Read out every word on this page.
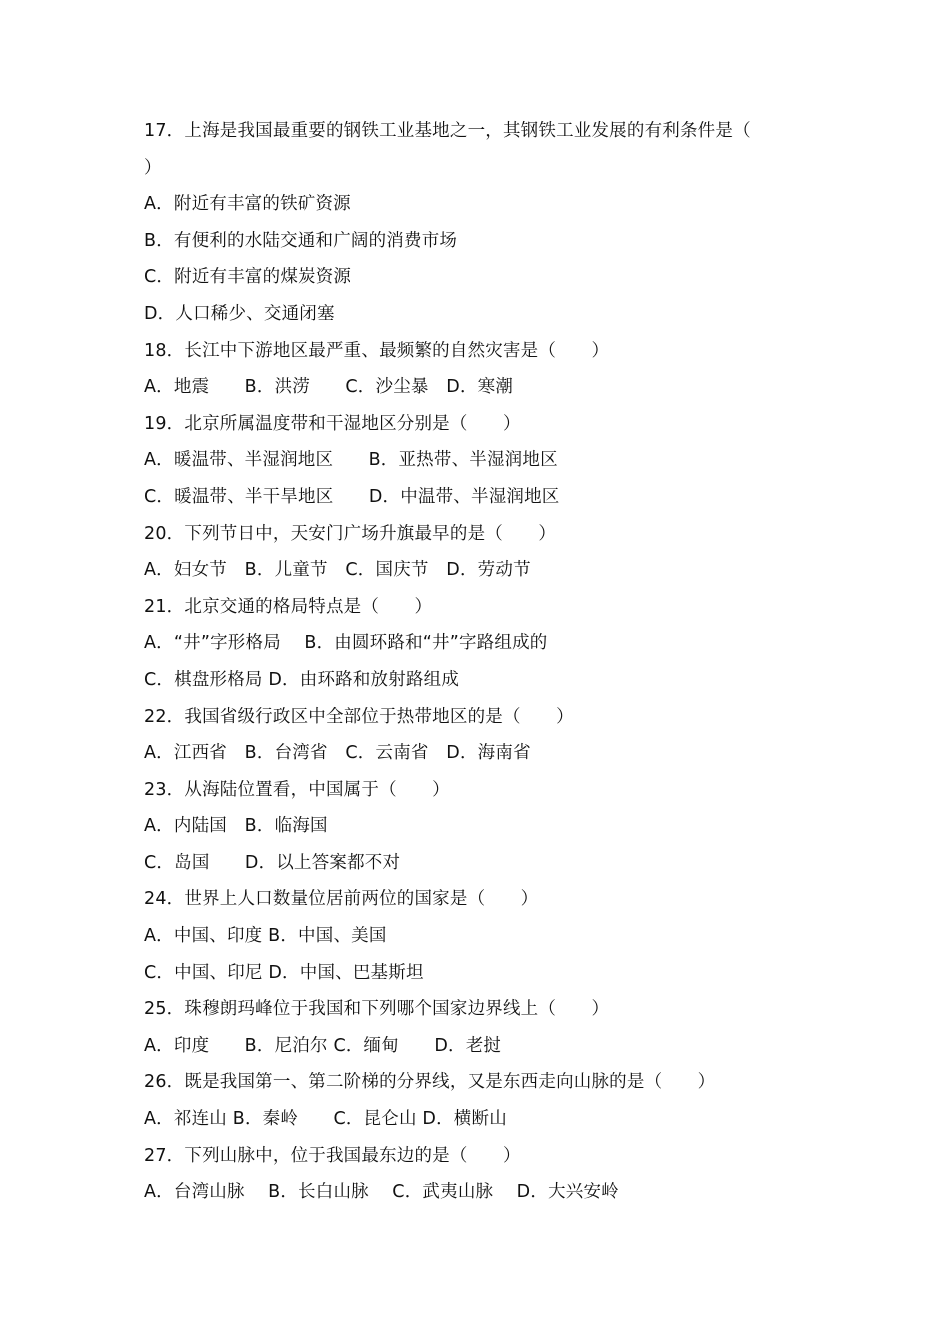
17．上海是我国最重要的钢铁工业基地之一，其钢铁工业发展的有利条件是（
）
A．附近有丰富的铁矿资源
B．有便利的水陆交通和广阔的消费市场
C．附近有丰富的煤炭资源
D．人口稀少、交通闭塞
18．长江中下游地区最严重、最频繁的自然灾害是（　　）
A．地震　　B．洪涝　　C．沙尘暴　D．寒潮
19．北京所属温度带和干湿地区分别是（　　）
A．暖温带、半湿润地区　　B．亚热带、半湿润地区
C．暖温带、半干旱地区　　D．中温带、半湿润地区
20．下列节日中，天安门广场升旗最早的是（　　）
A．妇女节　B．儿童节　C．国庆节　D．劳动节
21．北京交通的格局特点是（　　）
A．“井”字形格局　 B．由圆环路和“井”字路组成的
C．棋盘形格局 D．由环路和放射路组成
22．我国省级行政区中全部位于热带地区的是（　　）
A．江西省　B．台湾省　C．云南省　D．海南省
23．从海陆位置看，中国属于（　　）
A．内陆国　B．临海国
C．岛国　　D．以上答案都不对
24．世界上人口数量位居前两位的国家是（　　）
A．中国、印度 B．中国、美国
C．中国、印尼 D．中国、巴基斯坦
25．珠穆朗玛峰位于我国和下列哪个国家边界线上（　　）
A．印度　　B．尼泊尔 C．缅甸　　D．老挝
26．既是我国第一、第二阶梯的分界线，又是东西走向山脉的是（　　）
A．祁连山 B．秦岭　　C．昆仑山 D．横断山
27．下列山脉中，位于我国最东边的是（　　）
A．台湾山脉　 B．长白山脉　 C．武夷山脉　 D．大兴安岭
